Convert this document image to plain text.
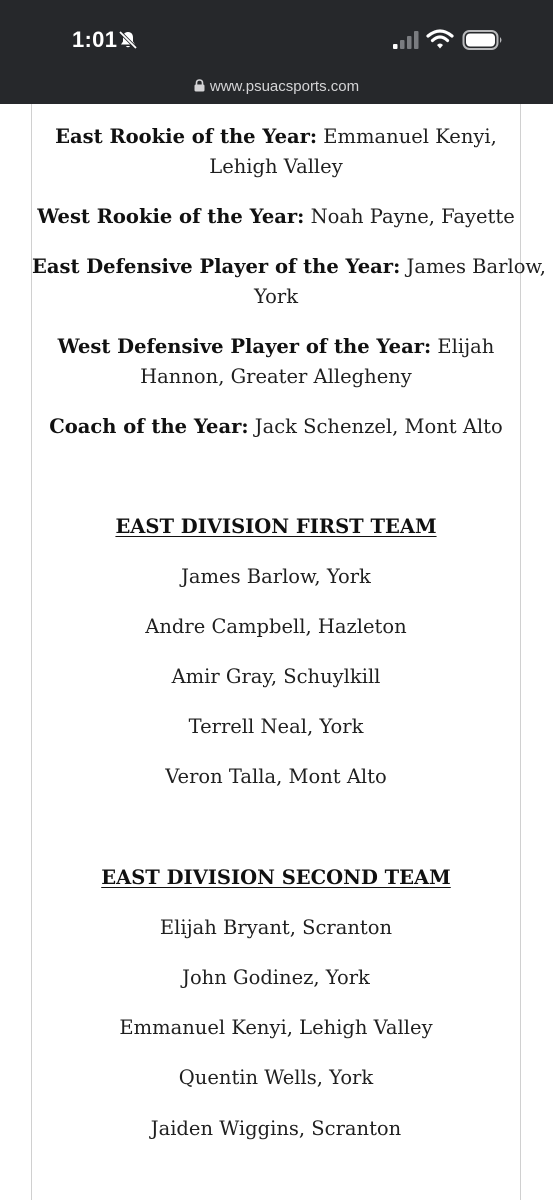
1:01
www.psuacsports.com
East Rookie of the Year: Emmanuel Kenyi,
Lehigh Valley
West Rookie of the Year: Noah Payne, Fayette
East Defensive Player of the Year: James Barlow,
York
West Defensive Player of the Year: Elijah
Hannon, Greater Allegheny
Coach of the Year: Jack Schenzel, Mont Alto
EAST DIVISION FIRST TEAM
James Barlow, York
Andre Campbell, Hazleton
Amir Gray, Schuylkill
Terrell Neal, York
Veron Talla, Mont Alto
EAST DIVISION SECOND TEAM
Elijah Bryant, Scranton
John Godinez, York
Emmanuel Kenyi, Lehigh Valley
Quentin Wells, York
Jaiden Wiggins, Scranton
